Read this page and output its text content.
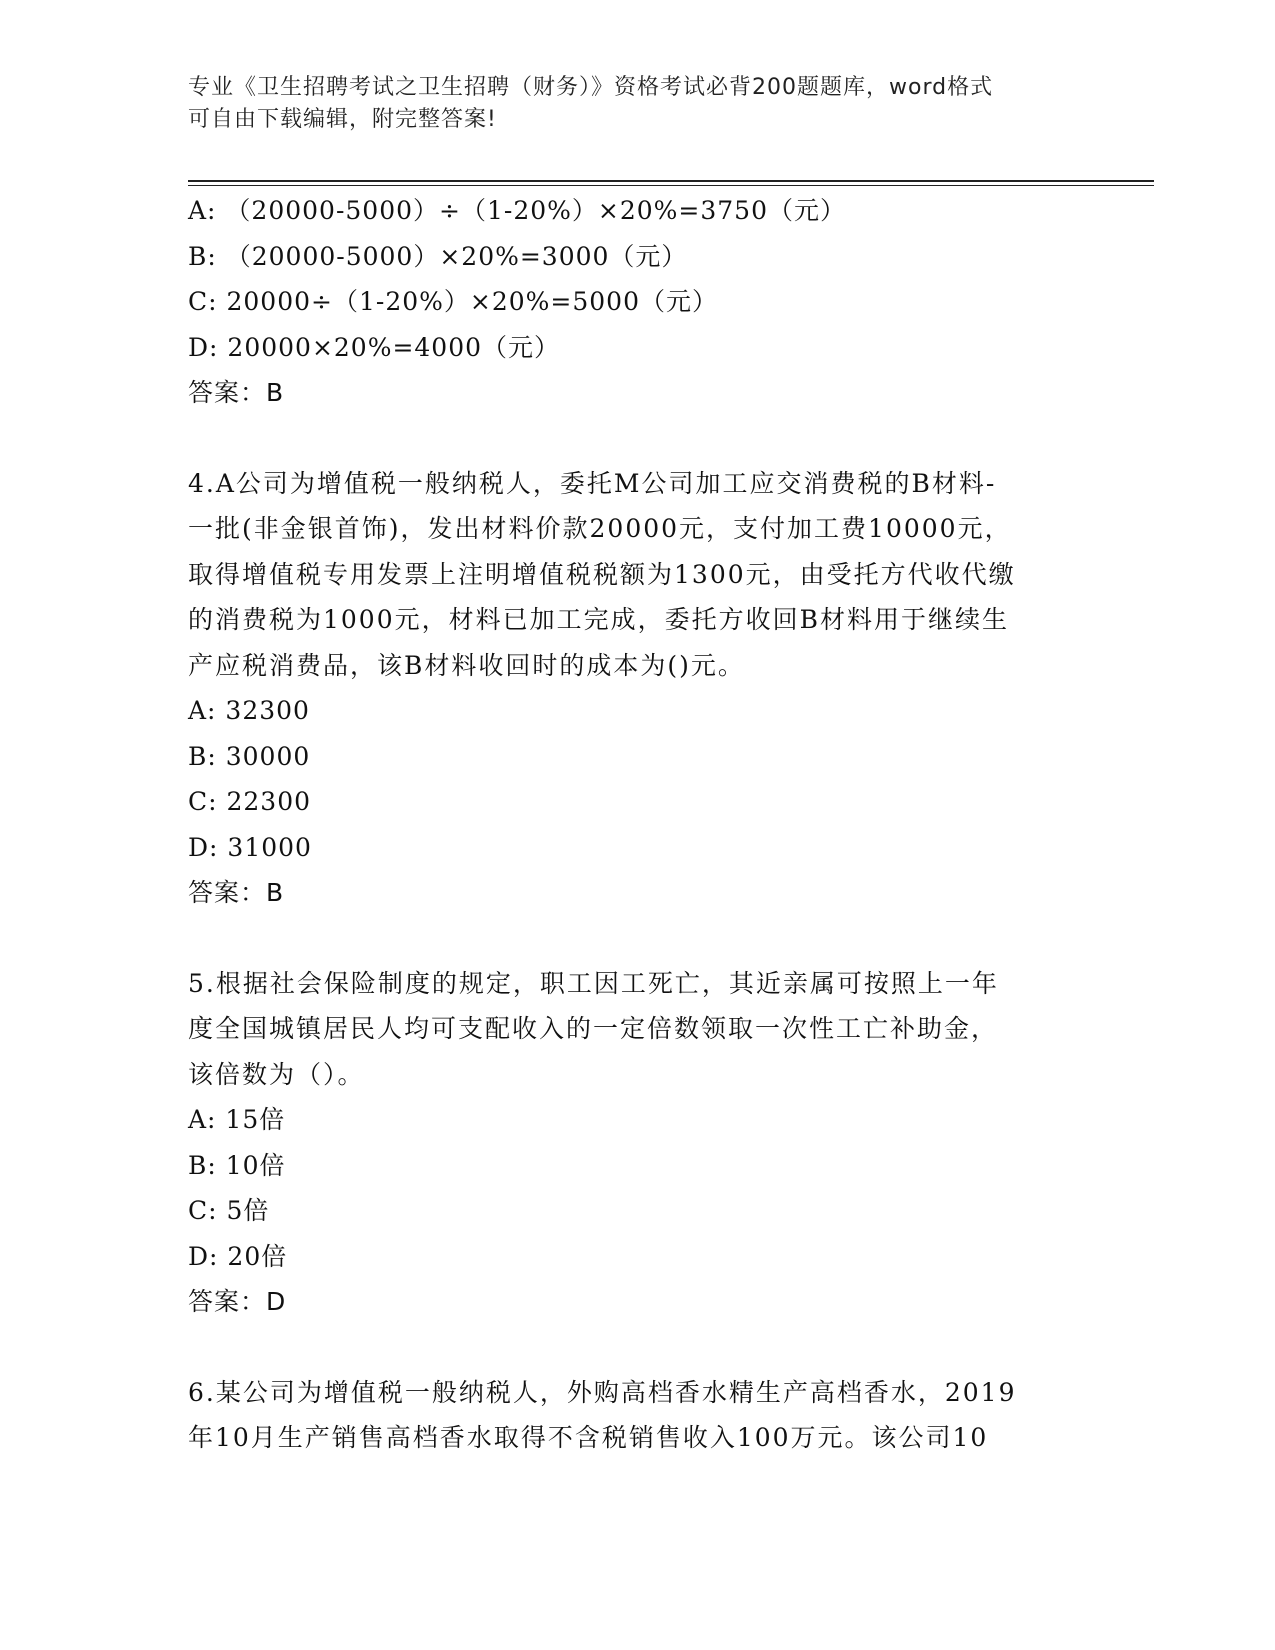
专业《卫生招聘考试之卫生招聘（财务）》资格考试必背200题题库，word格式
可自由下载编辑，附完整答案!
A: （20000-5000）÷（1-20%）×20%=3750（元）
B: （20000-5000）×20%=3000（元）
C: 20000÷（1-20%）×20%=5000（元）
D: 20000×20%=4000（元）
答案：B
4.A公司为增值税一般纳税人，委托M公司加工应交消费税的B材料-
一批(非金银首饰)，发出材料价款20000元，支付加工费10000元，
取得增值税专用发票上注明增值税税额为1300元，由受托方代收代缴
的消费税为1000元，材料已加工完成，委托方收回B材料用于继续生
产应税消费品，该B材料收回时的成本为()元。
A: 32300
B: 30000
C: 22300
D: 31000
答案：B
5.根据社会保险制度的规定，职工因工死亡，其近亲属可按照上一年
度全国城镇居民人均可支配收入的一定倍数领取一次性工亡补助金，
该倍数为（）。
A: 15倍
B: 10倍
C: 5倍
D: 20倍
答案：D
6.某公司为增值税一般纳税人，外购高档香水精生产高档香水，2019
年10月生产销售高档香水取得不含税销售收入100万元。该公司10
